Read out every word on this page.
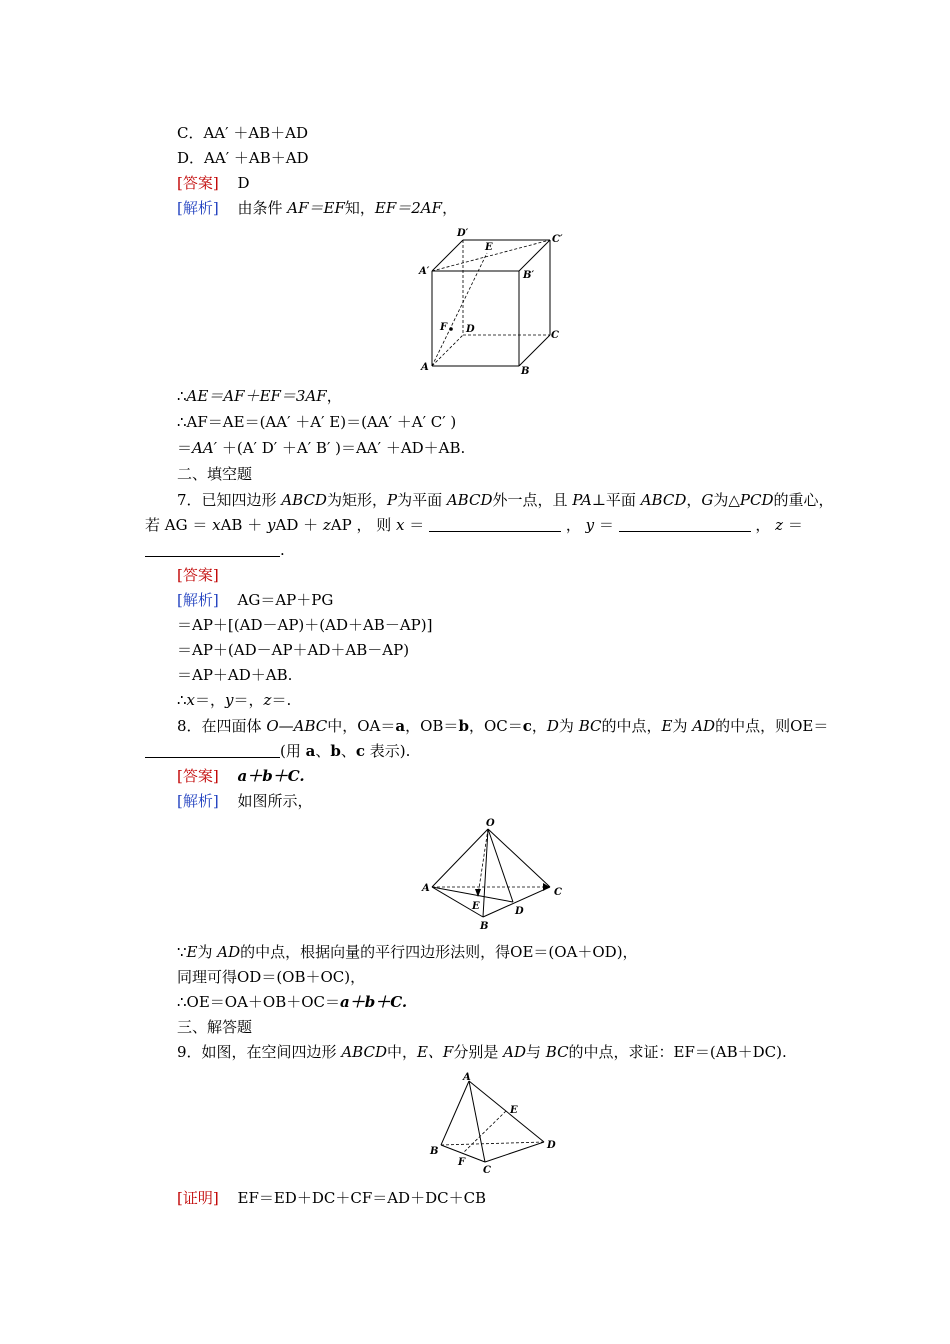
C．AA′ ＋AB＋AD
D．AA′ ＋AB＋AD
[答案] D
[解析] 由条件 AF＝EF知，EF＝2AF，
D′
E
C′
A′	B′
F D
C
A	B
∴AE＝AF＋EF＝3AF，
∴AF＝AE＝(AA′ ＋A′ E)＝(AA′ ＋A′ C′ )
＝AA′ ＋(A′ D′ ＋A′ B′ )＝AA′ ＋AD＋AB.
二、填空题
7．已知四边形 ABCD为矩形，P为平面 ABCD外一点，且 PA⊥平面 ABCD，G为△PCD的重心，
若 AG ＝ xAB ＋ yAD ＋ zAP ， 则 x ＝	， y ＝	， z ＝
.
[答案]
[解析] AG＝AP＋PG
＝AP＋[(AD－AP)＋(AD＋AB－AP)]
＝AP＋(AD－AP＋AD＋AB－AP)
＝AP＋AD＋AB.
∴x＝，y＝，z＝.
8．在四面体 O—ABC中，OA＝a，OB＝b，OC＝c，D为 BC的中点，E为 AD的中点，则OE＝
(用 a、b、c 表示).
[答案] a＋b＋C.
[解析] 如图所示，
O
A	C
E	D
B
∵E为 AD的中点，根据向量的平行四边形法则，得OE＝(OA＋OD)，
同理可得OD＝(OB＋OC)，
∴OE＝OA＋OB＋OC＝a＋b＋C.
三、解答题
9．如图，在空间四边形 ABCD中，E、F分别是 AD与 BC的中点，求证：EF＝(AB＋DC).
A
E
B
D
F
C
[证明] EF＝ED＋DC＋CF＝AD＋DC＋CB
